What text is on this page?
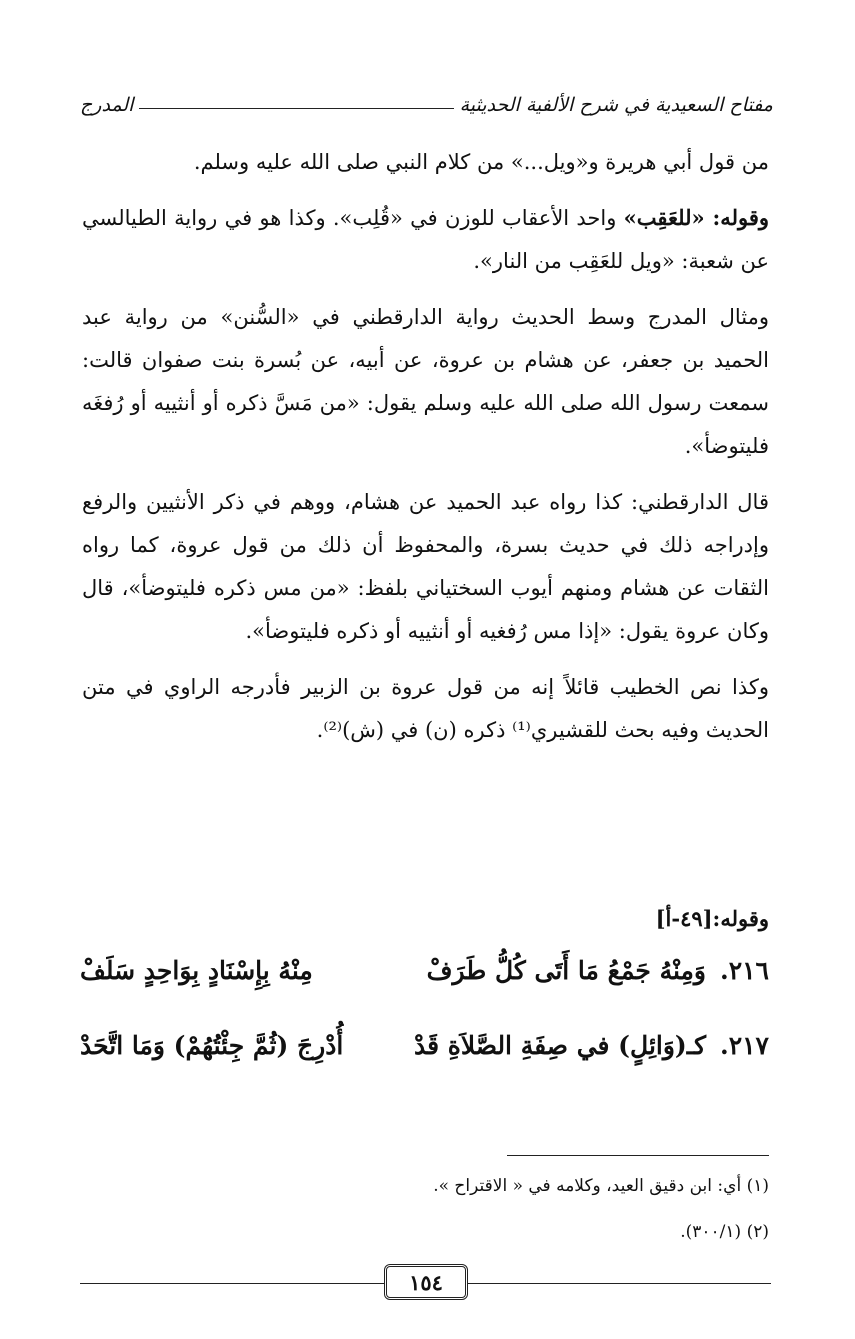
مفتاح السعيدية في شرح الألفية الحديثية
المدرج

من قول أبي هريرة و«ويل...» من كلام النبي صلى الله عليه وسلم.

وقوله: «للعَقِب» واحد الأعقاب للوزن في «قُلِب». وكذا هو في رواية الطيالسي عن شعبة: «ويل للعَقِب من النار».

ومثال المدرج وسط الحديث رواية الدارقطني في «السُّنن» من رواية عبد الحميد بن جعفر، عن هشام بن عروة، عن أبيه، عن بُسرة بنت صفوان قالت: سمعت رسول الله صلى الله عليه وسلم يقول: «من مَسَّ ذكره أو أنثييه أو رُفغَه فليتوضأ».

قال الدارقطني: كذا رواه عبد الحميد عن هشام، ووهم في ذكر الأنثيين والرفع وإدراجه ذلك في حديث بسرة، والمحفوظ أن ذلك من قول عروة، كما رواه الثقات عن هشام ومنهم أيوب السختياني بلفظ: «من مس ذكره فليتوضأ»، قال وكان عروة يقول: «إذا مس رُفغيه أو أنثييه أو ذكره فليتوضأ».

وكذا نص الخطيب قائلاً إنه من قول عروة بن الزبير فأدرجه الراوي في متن الحديث وفيه بحث للقشيري⁽¹⁾ ذكره (ن) في (ش)⁽²⁾.

وقوله:[٤٩-أ]
٢١٦.
وَمِنْهُ جَمْعُ مَا أَتَى كُلُّ طَرَفْ
مِنْهُ بِإِسْنَادٍ بِوَاحِدٍ سَلَفْ
٢١٧.
كـ(وَائِلٍ) في صِفَةِ الصَّلاَةِ قَدْ
أُدْرِجَ (ثُمَّ جِئْتُهُمْ) وَمَا اتَّحَدْ
(١) أي: ابن دقيق العيد، وكلامه في « الاقتراح ».
(٢) (٣٠٠/١).
١٥٤
